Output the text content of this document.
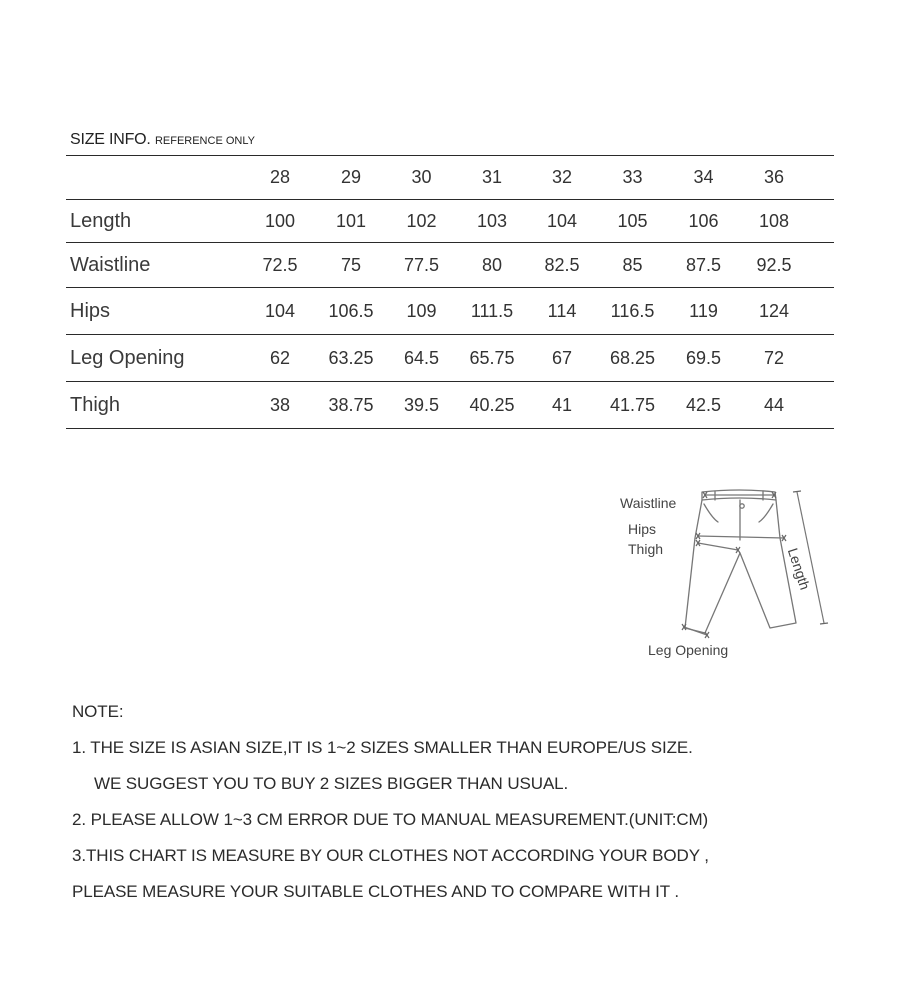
SIZE INFO. REFERENCE ONLY
	28	29	30	31	32	33	34	36	
Length	100	101	102	103	104	105	106	108	
Waistline	72.5	75	77.5	80	82.5	85	87.5	92.5	
Hips	104	106.5	109	111.5	114	116.5	119	124	
Leg Opening	62	63.25	64.5	65.75	67	68.25	69.5	72	
Thigh	38	38.75	39.5	40.25	41	41.75	42.5	44	
Waistline
Hips
Thigh	Length
Leg Opening
NOTE:
1. THE SIZE IS ASIAN SIZE,IT IS 1~2 SIZES SMALLER THAN EUROPE/US SIZE.
WE SUGGEST YOU TO BUY 2 SIZES BIGGER THAN USUAL.
2. PLEASE ALLOW 1~3 CM ERROR DUE TO MANUAL MEASUREMENT.(UNIT:CM)
3.THIS CHART IS MEASURE BY OUR CLOTHES NOT ACCORDING YOUR BODY ,
PLEASE MEASURE YOUR SUITABLE CLOTHES AND TO COMPARE WITH IT .
